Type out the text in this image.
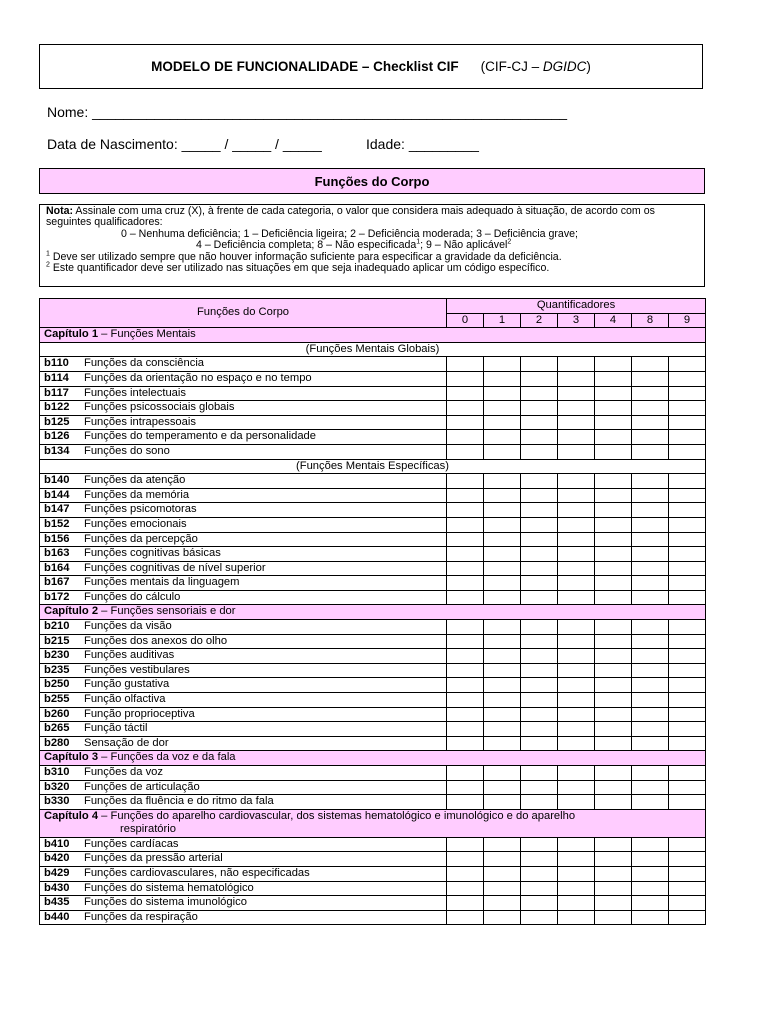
MODELO DE FUNCIONALIDADE – Checklist CIF (CIF-CJ – DGIDC)
Nome: _____________________________________________________________
Data de Nascimento: _____ / _____ / _____	Idade: _________
Funções do Corpo
Nota: Assinale com uma cruz (X), à frente de cada categoria, o valor que considera mais adequado à situação, de acordo com os seguintes qualificadores:
0 – Nenhuma deficiência; 1 – Deficiência ligeira; 2 – Deficiência moderada; 3 – Deficiência grave;
4 – Deficiência completa; 8 – Não especificada$^1$; 9 – Não aplicável$^2$
$^1$ Deve ser utilizado sempre que não houver informação suficiente para especificar a gravidade da deficiência.
$^2$ Este quantificador deve ser utilizado nas situações em que seja inadequado aplicar um código específico.
Funções do Corpo	Quantificadores						
	0	1	2	3	4	8	9
Capítulo 1 – Funções Mentais							
(Funções Mentais Globais)							
b110 Funções da consciência							
b114 Funções da orientação no espaço e no tempo							
b117 Funções intelectuais							
b122 Funções psicossociais globais							
b125 Funções intrapessoais							
b126 Funções do temperamento e da personalidade							
b134 Funções do sono							
(Funções Mentais Específicas)							
b140 Funções da atenção							
b144 Funções da memória							
b147 Funções psicomotoras							
b152 Funções emocionais							
b156 Funções da percepção							
b163 Funções cognitivas básicas							
b164 Funções cognitivas de nível superior							
b167 Funções mentais da linguagem							
b172 Funções do cálculo							
Capítulo 2 – Funções sensoriais e dor							
b210 Funções da visão							
b215 Funções dos anexos do olho							
b230 Funções auditivas							
b235 Funções vestibulares							
b250 Função gustativa							
b255 Função olfactiva							
b260 Função proprioceptiva							
b265 Função táctil							
b280 Sensação de dor							
Capítulo 3 – Funções da voz e da fala							
b310 Funções da voz							
b320 Funções de articulação							
b330 Funções da fluência e do ritmo da fala							
Capítulo 4 – Funções do aparelho cardiovascular, dos sistemas hematológico e imunológico e do aparelho
respiratório							

b410 Funções cardíacas							
b420 Funções da pressão arterial							
b429 Funções cardiovasculares, não especificadas							
b430 Funções do sistema hematológico							
b435 Funções do sistema imunológico							
b440 Funções da respiração							
